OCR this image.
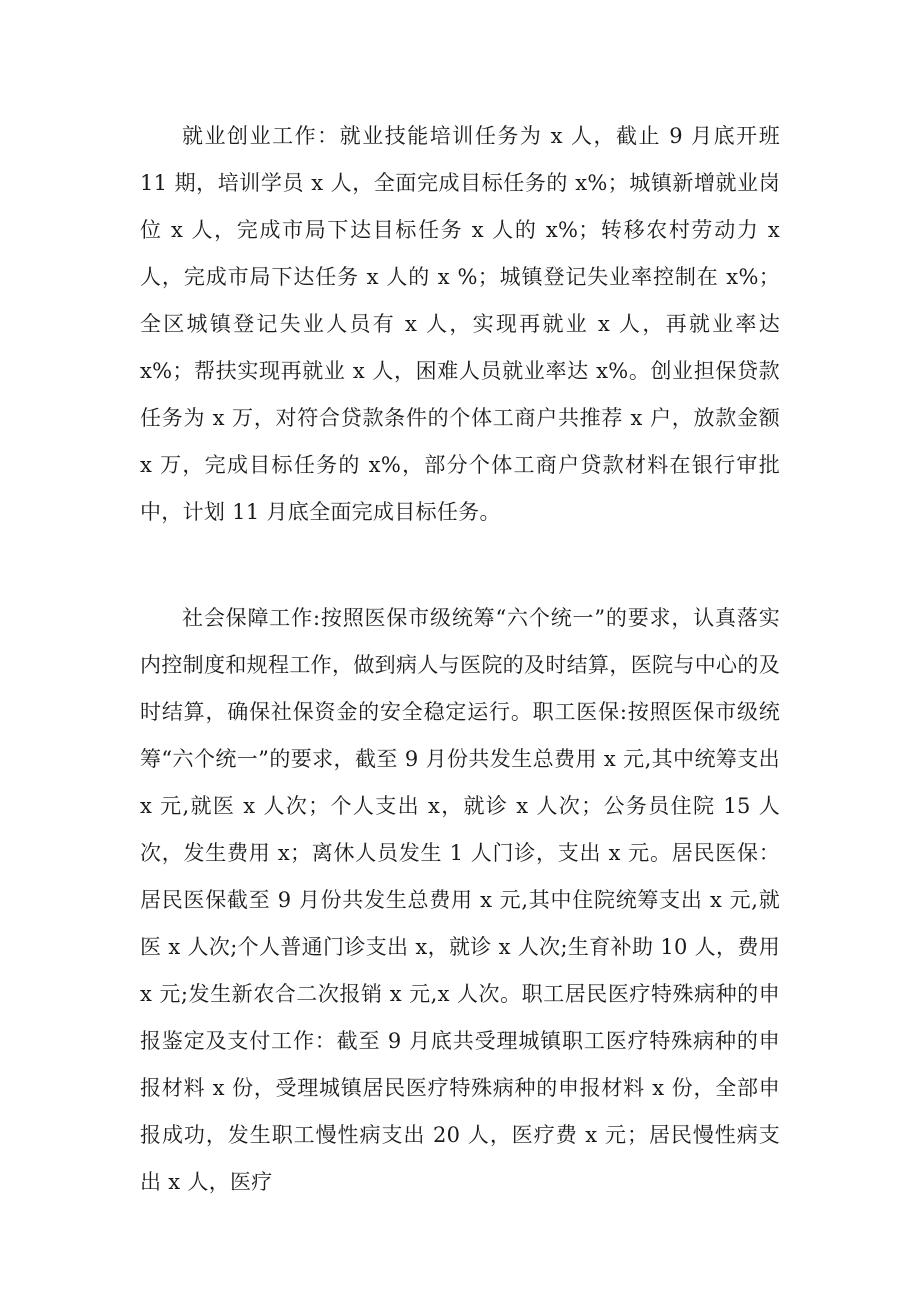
就业创业工作：就业技能培训任务为 x 人，截止 9 月底开班 11 期，培训学员 x 人，全面完成目标任务的 x%；城镇新增就业岗位 x 人，完成市局下达目标任务 x 人的 x%；转移农村劳动力 x 人，完成市局下达任务 x 人的 x %；城镇登记失业率控制在 x%；全区城镇登记失业人员有 x 人，实现再就业 x 人，再就业率达 x%；帮扶实现再就业 x 人，困难人员就业率达 x%。创业担保贷款任务为 x 万，对符合贷款条件的个体工商户共推荐 x 户，放款金额 x 万，完成目标任务的 x%，部分个体工商户贷款材料在银行审批中，计划 11 月底全面完成目标任务。

社会保障工作:按照医保市级统筹“六个统一”的要求，认真落实内控制度和规程工作，做到病人与医院的及时结算，医院与中心的及时结算，确保社保资金的安全稳定运行。职工医保:按照医保市级统筹“六个统一”的要求，截至 9 月份共发生总费用 x 元,其中统筹支出 x 元,就医 x 人次；个人支出 x，就诊 x 人次；公务员住院 15 人次，发生费用 x；离休人员发生 1 人门诊，支出 x 元。居民医保：居民医保截至 9 月份共发生总费用 x 元,其中住院统筹支出 x 元,就医 x 人次;个人普通门诊支出 x，就诊 x 人次;生育补助 10 人，费用 x 元;发生新农合二次报销 x 元,x 人次。职工居民医疗特殊病种的申报鉴定及支付工作：截至 9 月底共受理城镇职工医疗特殊病种的申报材料 x 份，受理城镇居民医疗特殊病种的申报材料 x 份，全部申报成功，发生职工慢性病支出 20 人，医疗费 x 元；居民慢性病支出 x 人，医疗
